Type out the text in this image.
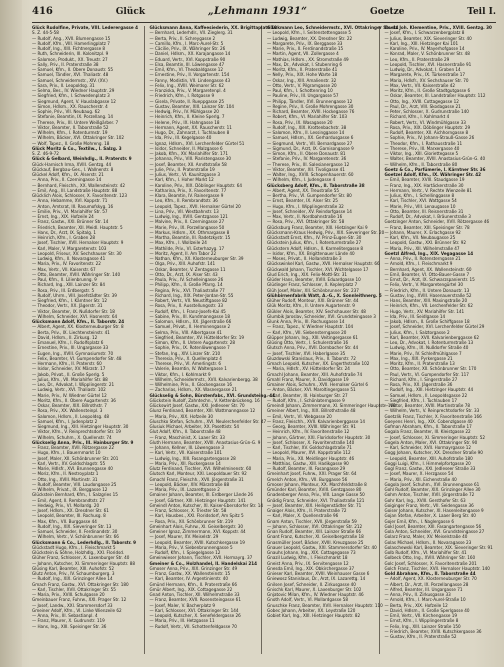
416	Glück	„Lehmann 1931“	Goetze	Teil I.

Glück Rudolfine, Private, VIII. Lederergasse 4

S. Z. 44-5-58

— Rudolf, Ang., XVII. Blumengasse 15

— Rudolf, Kfm., VIII. Hamerlingplatz 7

— Rudolf, Ing., XIII. Fichtnergasse 8

— Ruth, Schneiderin, III. Kolonitzpl. 9

— Salomon, Produkt., XX. Treustr. 27

— Sally, Priv., II. Praterstraße 38

— Samuel, Kfm., II. Obere Donaustr. 55

— Samuel, Tändler, XVI. Thaliastr. 48

— Samuel, Schneidermstr., XIV. (XV.)

— Sara, Priv., II. Leopoldsg. 31

— Selma, Bes., IV. Wiedner Hauptstr. 29

— Siegfried, Kfm., I. Schwedenplatz 3

— Siegmund, Agent, V. Hauslabgasse 12

— Simon, Hdlsm., XX. Rauscherstr. 4

— Sophie, Priv., VII. Neubaug. 62

— Stefanie, Beamtin, IX. Porzellang. 14

— Therese, Priv., III. Untere Weißgärber. 7

— Viktor, Beamter, II. Taborstraße 52

— Wilhelm, Kfm., I. Rotenturmstr. 19

— Wilhelm, Bäcker, XVI. Ottakringer Str. 102

— Wolf, Tapez., II. Große Mohreng. 18

Glück Moritz & Co., Textilw., I. Salzg. 3

S. Z. 46-9-72

Glück & Gelbard, Weinhdlg., II. Praterstr. 9

Glück-Harnisch Irma, XVIII. Gentzg. 44

Glückauf, Bergbau-Ges., I. Wallnerstr. 8

Glückel Adolf, Kfm., IX. Alserstr. 21

— Anna, Priv., II. Czerningasse 14

— Bernhard, Fleischh., XX. Wallensteinstr. 42

— Emil, Ang., III. Landstraße Hauptstr. 88

Glücklich Alois, Schlosser, X. Favoritenstr. 123

— Anna, Hebamme, XVI. Koppstr. 71

— Anton, Amtsrat, III. Rasumofskyg. 16

— Emilie, Priv., VI. Mariahilfer Str. 57

— Ernst, Ing., XIX. Hofzeile 24

— Franz, Gastw., XXI. Brünner Str. 14

— Friedrich, Beamter, XII. Meidl. Hauptstr. 5

— Hans, Dr., Arzt, IX. Spitalg. 1

— Heinrich, Kfm., I. Graben 28

— Josef, Tischler, XVII. Hernalser Hauptstr. 9

— Karl, Maler, V. Margaretenstr. 103

— Leopold, Friseur, XV. Sechshauser Str. 30

— Ludwig, Kfm., II. Novaragasse 41

— Maria, Priv., IV. Favoritenstr. 22

— Max, Vertr., VII. Kaiserstr. 67

— Otto, Beamter, XVIII. Währinger Str. 140

— Paul, Kfm., II. Lilienbrunng. 9

— Richard, Ing., XIII. Lainzer Str. 84

— Rosa, Priv., III. Erdbergstr. 5

— Rudolf, Uhrm., VIII. Josefstädter Str. 39

— Siegfried, Kfm., I. Kärntner Str. 12

— Theodor, Vertr., XX. Jägerstr. 31

— Viktor, Beamter, IX. Nußdorfer Str. 18

— Wilhelm, Schneider, XVI. Hasnerstr. 64

Glücksmann Adolf, Kfm., II. Taborstr. 24

— Albert, Agent, XX. Klosterneuburger Str. 8

— Berta, Priv., IX. Liechtensteinstr. 41

— David, Hdlsm., II. Zirkusg. 12

— Emanuel, Kfm., I. Rudolfsplatz 6

— Ernestine, Priv., III. Ungargasse 33

— Eugen, Ing., XVIII. Gymnasiumstr. 70

— Felix, Beamter, VI. Gumpendorfer Str. 48

— Hermann, Kfm., II. Praterstr. 60

— Isidor, Schneider, XV. Märzstr. 17

— Jakob, Privat., II. Große Sperlg. 5

— Julius, Kfm., VII. Mariahilfer Str. 88

— Leo, Dr., Advokat, I. Wipplingerstr. 21

— Ludwig, Vertr., XVI. Thaliastr. 102

— Marie, Priv., IV. Wiedner Gürtel 12

— Moritz, Kfm., II. Obere Augartenstr. 36

— Oskar, Beamter, XIX. Billrothstr. 7

— Rosa, Priv., XX. Wallensteinpl. 3

— Salomon, Hdlsm., II. Leopoldsg. 48

— Samuel, Kfm., I. Judenplatz 2

— Siegmund, Ing., XIII. Hietzinger Hauptstr. 30

— Viktor, Kfm., V. Reinprechtsdorfer Str. 19

— Wilhelm, Schuhm., X. Quellenstr. 74

Glückselig Anna, Priv., III. Hainburger Str. 9

— Franz, Beamter, XVII. Rötzergasse 22

— Hugo, Kfm., I. Bauernmarkt 10

— Josef, Maler, XII. Schönbrunner Str. 201

— Karl, Vertr., XV. Goldschlagstr. 55

— Marie, Hdlsfr., XVI. Brunnengasse 40

— Moriz, Kfm., II. Nestroyplatz 1

— Otto, Ing., XVIII. Martinstr. 31

— Rudolf, Beamter, VIII. Laudongasse 25

— Wilhelm, Privat., IX. Berggasse 12

Glückstein Bernhard, Kfm., I. Salzgries 15

— Emil, Agent, II. Rembrandtstr. 27

— Hedwig, Priv., VI. Mollardg. 20

— Josef, Hdlsm., XX. Dresdner Str. 61

— Leopold, Beamter, III. Rochusg. 8

— Max, Kfm., VII. Burggasse 44

— Rudolf, Ing., XIX. Sieveringer Str. 13

— Samuel, Schneider, II. Ferdinandstr. 30

— Wilhelm, Vertr., V. Schönbrunner Str. 66

Glücksmann & Co., Lederhdlg., II. Taborstr. 9

Glückstadt Hugo, Kfm., I. Fleischmarkt 5

Glückstein & Söhne, Holzhdlg., XXI. Floridsd.

Glüher Franz, Schlosser, X. Laxenburger Str. 40

— Johann, Kutscher, XI. Simmeringer Hauptstr. 88

Glüsing Karl, Beamter, XIII. Auhofstr. 52

Glutz Anton, Priv., IV. Schaumburgerg. 3

— Rudolf, Ing., XIX. Grinzinger Allee 14

Gmach Franz, Gastw., XVI. Ottakringer Str. 180

— Karl, Tischler, XVII. Ottakringer Str. 55

— Maria, Priv., XVIII. Schulgasse 20

Gmeinbauer Franz, Fuhrw., XXI. Prager Str. 12

— Josef, Landw., XXI. Stammersdorf 33

Gmeiner Adolf, Kfm., VI. Linke Wienzeile 62

— Anna, Priv., III. Sebastianpl. 4

— Franz, Maurer, X. Gudrunstr. 119

— Hans, Ing., XIII. Speisinger Str. 36

Glücksmann Anna, Kaffeesiederin, XX. Brigittaplatz 10

— Bernhard, Lederhdlr., VII. Zieglerg. 31

— Berta, Priv., II. Schreygasse 2

— Camillo, Kfm., I. Marc-Aurel-Str. 5

— Cäcilie, Priv., IX. Währinger Str. 26

— Daniel, Hdlsm., XX. Karajangasse 14

— Eduard, Vertr., XVI. Koppstraße 90

— Elsa, Beamtin, III. Löwengasse 47

— Emil, Kfm., VI. Theobaldgasse 12

— Ernestine, Priv., II. Vorgartenstr. 154

— Fanny, Modistin, VII. Lindengasse 43

— Felix, Ing., XVIII. Weimarer Str. 62

— Franziska, Priv., V. Margaretenpl. 4

— Friedrich, Kfm., I. Rotgasse 9

— Gisela, Private, II. Rueppgasse 25

— Gustav, Beamter, XIII. Lainzer Str. 104

— Hedwig, Priv., IV. Mühlgasse 20

— Heinrich, Kfm., II. Kleine Sperlg. 7

— Helene, Priv., IX. Hahngasse 18

— Hermann, Agent, XX. Rauscherstr. 11

— Hugo, Dr., Zahnarzt, I. Tuchlauben 8

— Ida, Priv., III. Kegelgasse 40

— Ignaz, Hdlsm., XVI. Lerchenfelder Gürtel 51

— Isidor, Schneider, II. Malzgasse 6

— Jakob, Kfm., XV. Mariahilfer Str. 171

— Johanna, Priv., VIII. Piaristengasse 30

— Josef, Beamter, XII. Arndtstraße 58

— Julie, Priv., II. Praterstraße 19

— Julius, Vertr., VI. Kaunitzgasse 3

— Karl, Kfm., I. Hoher Markt 12

— Karoline, Priv., XIX. Döblinger Hauptstr. 64

— Katharina, Priv., X. Favoritenstr. 77

— Klara, Beamtin, IV. Rainergasse 9

— Leo, Kfm., II. Rembrandtstr. 36

— Leopold, Tapez., XVII. Hernalser Gürtel 20

— Lina, Priv., VII. Westbahnstr. 13

— Ludwig, Ing., XVIII. Gentzgasse 121

— Malvine, Priv., II. Czerningasse 27

— Marie, Priv., IX. Porzellangasse 50

— Markus, Hdlsm., XX. Othmargasse 8

— Martha, Beamtin, III. Radetzkystr. 15

— Max, Kfm., I. Wollzeile 24

— Mathilde, Priv., VI. Esterhazyg. 17

— Moritz, Agent, II. Am Tabor 22

— Nathan, Kfm., XX. Klosterneuburger Str. 39

— Olga, Priv., XIII. Auhofstr. 141

— Oskar, Beamter, V. Zentagasse 11

— Otto, Dr., Arzt, IX. Alser Str. 43

— Paula, Priv., IV. Schelleingasse 26

— Philipp, Kfm., II. Große Pfarrg. 14

— Regina, Priv., XVI. Thaliastraße 77

— Richard, Ing., XIX. Peter-Jordan-Str. 55

— Robert, Vertr., VII. Neustiftgasse 82

— Rosa, Priv., II. Ausstellungsstr. 33

— Rudolf, Kfm., I. Franz-Josefs-Kai 45

— Sabine, Priv., III. Kundmanngasse 18

— Salomon, Hdlsm., XX. Jägerstraße 66

— Samuel, Privat., II. Herminengasse 2

— Selma, Priv., VIII. Albertgasse 41

— Siegfried, Beamter, XV. Hütteldorfer Str. 19

— Simon, Kfm., II. Untere Augartenstr. 28

— Sophie, Priv., IX. Rotenlöwengasse 7

— Stefan, Ing., XIV. Linzer Str. 210

— Theresia, Priv., X. Quellenplatz 4

— Therese, Priv., VI. Amerlingstr. 6

— Valerie, Beamtin, IV. Waltergasse 1

— Viktor, Kfm., I. Kohlmarkt 9

— Wilhelm, Schneidermstr., XVII. Kalvarienbergg. 38

— Wilhelmine, Priv., II. Glockengasse 16

— Zacharias, Hdlsm., XX. Wasnergasse 21

Glückselig & Sohn, Bürstenfabr., XVI. Grundsteing. 44

Glückstein Rudolf, Zahntechn., V. Kettenbrückeng. 16

Glückswirt Josef, Gastw., XXI. Jedleseer Str. 70

Glunz Ferdinand, Beamter, XIII. Wattmanngasse 12

— Maria, Priv., XIX. Hofzeile 30

Gluschko Stefan, Schuhm., XVI. Neulerchenfelder Str. 47

Glusiuk Michael, Arbeiter, XX. Pasettistr. 54

Glut Adolf, Kfm., II. Taborstraße 48

— Franz, Maschinist, X. Laaer Str. 33

Gluth Hermann, Beamter, XVIII. Anastasius-Grün-G. 9

— Johann, Kellner, III. Löwengasse 3

— Karl, Vertr., VII. Kaiserstraße 101

— Ludwig, Ing., XIII. Fasangartengasse 28

— Maria, Priv., XII. Ruckergasse 14

Glutz Ferdinand, Tischler, XVI. Wilhelminenstr. 60

Glutsch Karl, Monteur, XXI. Leopoldauer Str. 92

Gmachl Franz, Fleischh., XVII. Jörgerstraße 31

— Leopold, Bäcker, XIV. Märzstraße 88

— Maria, Priv., IX. Lazarettgasse 2

Gmainer Johann, Beamter, III. Erdberger Lände 26

— Josef, Gärtner, XIII. Hietzinger Hauptstr. 141

Gmeindl Anton, Kutscher, XI. Kaiser-Ebersdorfer Str. 14

— Franz, Schlosser, X. Triester Str. 58

— Karl, Hausbes., XXI. Floridsdorf, Am Spitz 5

— Rosa, Priv., XII. Schönbrunner Str. 219

Gmeinhart Alois, Fuhrw., XI. Geiselbergstr. 30

Gmeiner Ignaz, Zimmermann, XVI. Koppstr. 44

— Josef, Maurer, XV. Meiselstr. 29

— Leopold, Beamter, XVIII. Kutschkergasse 19

— Maria, Priv., V. Siebenbrunnengasse 5

— Rudolf, Kfm., I. Spiegelgasse 12

Gmeinwieser Johann, Tischler, XVII. Hormayrg. 37

Gmeiner & Co., Holzhandel, II. Handelskai 214

Gmoser Anna, Priv., XIX. Grinzinger Str. 49

— Franz, Gastw., XX. Wallensteinstr. 15

— Karl, Beamter, IV. Argentinierstr. 40

Gmünd Hermann, Kfm., II. Praterstraße 66

Gmür Albert, Ing., XIX. Cottagegasse 22

Gnad Anton, Tischler, XII. Wilhelmstraße 33

— Franz, Beamter, XVII. Rosensteingasse 61

— Josef, Maler, V. Bacherplatz 9

— Karl, Schlosser, XVI. Ottakringer Str. 144

— Leopold, Kutscher, X. Senefeldergasse 26

— Maria, Priv., III. Hetzgasse 11

— Rudolf, Vertr., VII. Schottenfeldgasse 70

Glückmann Leo, Schneidermstr., XVI. Ottakringer Str. 44

— Leopold, Kfm., I. Seitenstettengasse 5

— Ludwig, Beamter, XX. Dresdner Str. 22

— Margarete, Priv., IX. Berggasse 33

— Marie, Priv., II. Ferdinandstraße 15

— Martin, Agent, VII. Zollergasse 4

— Mathias, Hdlsm., XX. Stromstraße 49

— Max, Dr., Advokat, I. Stubenring 6

— Moritz, Kfm., II. Praterstraße 41

— Nelly, Priv., XIX. Hohe Warte 18

— Oskar, Ing., XIII. Amalienstr. 32

— Otto, Vertr., V. Pilgramgasse 20

— Paul, Kfm., I. Schottenring 10

— Pauline, Priv., III. Ungargasse 57

— Philipp, Tändler, XVI. Brunnengasse 12

— Regine, Priv., II. Große Mohrengasse 30

— Richard, Beamter, XVIII. Hockegasse 76

— Robert, Kfm., VI. Mariahilfer Str. 103

— Rosa, Priv., IX. Wasagasse 20

— Rudolf, Ing., XIX. Krottenbachstr. 38

— Salomon, Kfm., II. Lessinggasse 14

— Samuel, Hdlsm., XX. Gerhardusgasse 6

— Siegmund, Vertr., VII. Bernardgasse 27

— Sigmund, Dr., Arzt, IX. Garnisongasse 9

— Simon, Kfm., II. Obere Donaustr. 81

— Stefanie, Priv., IV. Margaretenstr. 36

— Therese, Priv., III. Salesianergasse 12

— Viktor, Beamter, XII. Tivoligasse 41

— Walter, Ing., XVIII. Schopenhauerstr. 60

— Wilhelm, Kfm., I. Judengasse 4

Glücksberg Adolf, Kfm., II. Taborstraße 38

— Albert, Agent, XX. Treustraße 55

— Bertha, Priv., VI. Gumpendorfer Str. 80

— Ernst, Beamter, IX. Alser Str. 25

— Hugo, Kfm., I. Wipplingerstraße 32

— Josef, Schneider, XV. Reindorfgasse 14

— Max, Vertr., II. Nordbahnstraße 16

— Rosa, Priv., XVI. Ottakringer Str. 58

Glücksburg Franz, Beamter, XIII. Hietzinger Kai 9

Glücksmann-Kraus Hedwig, Priv., XIX. Sieveringer Str. 20

Glückstadt Ernst, Kfm., IV. Prinz-Eugen-Str. 30

Glückstein Julius, Kfm., I. Rotenturmstraße 27

Glückstern Adolf, Hdlsm., II. Karmelitergasse 8

— Isidor, Kfm., XX. Brigittenauer Lände 40

— Moses, Privat., II. Hollandstraße 3

Glückswinkel Karl, Gastw., XVII. Hernalser Hauptstr. 66

Glückwald Johann, Tischler, XVI. Wichtelgasse 17

Glud Erich, Ing., XIX. Felix-Mottl-Str. 31

Glüder Hans, Beamter, XVIII. Eduardgasse 10

Glüdinger Franz, Schlosser, X. Keplerplatz 7

Glüh Josef, Maler, XII. Schönbrunner Str. 237

Glühbirnenfabrik Watt, A.-G., X. Sonnleithnerg. 5

Glüher Rudolf, Monteur, XXI. Brünner Str. 44

Glük Moritz, Kfm., II. Untere Augartenstr. 9

Glükler Alois, Beamter, XIV. Sechshauser Str. 48

Glumbik Jaroslav, Schneider, XVI. Grundsteingasse 3

Glunk Anna, Priv., III. Rochusgasse 14

— Franz, Tapez., V. Wiedner Hauptstr. 104

— Karl, Kfm., VII. Siebensterngasse 20

Glüpper Johann, Ing., XIII. Veitingergasse 61

Glüsing Otto, Vertr., I. Schulerstraße 16

Glutsch Anna, Priv., XVII. Dornbacher Str. 44

— Josef, Tischler, XVI. Haberlgasse 35

Gluzdowski Stanislaus, Priv., II. Taborstr. 72

Gmach Leopold, Kutscher, XX. Engerthstraße 102

— Maria, Hdlsfr., XV. Hütteldorfer Str. 24

Gmachl Johann, Beamter, XIII. Auhofstraße 74

Gmahl Franz, Maurer, X. Davidgasse 19

Gmainer Alois, Schuhm., XVII. Hernalser Gürtel 6

— Anton, Bäcker, XVI. Maroltingergasse 51

— Karl, Beamter, III. Hainburger Str. 27

— Rudolf, Kfm., I. Schönlaterngasse 9

Gmeindl Johann, Zimmermann, XI. Simmeringer Hauptstr. 160

Gmeiner Albert, Ing., XIX. Billrothstraße 48

— Emil, Vertr., VI. Webgasse 20

— Franz, Fleischh., XVII. Kalvarienberggasse 14

— Georg, Beamter, XVIII. Währinger Str. 91

— Heinrich, Kfm., IV. Favoritenstraße 12

— Johann, Gärtner, XXI. Floridsdorfer Hauptstr. 30

— Josef, Schlosser, X. Favoritenstraße 140

— Karl, Tischler, XV. Goldschlagstraße 71

— Leopold, Maurer, XVI. Koppstraße 112

— Maria, Priv., XII. Meidlinger Hauptstr. 46

— Matthias, Gastw., XIII. Hadikgasse 90

— Rudolf, Beamter, III. Fasangasse 29

Gmeinhart Josef, Fuhrw., XXI. Prager Str. 64

Gmelch Anton, Kfm., VII. Burggasse 56

Gmoser Johann, Monteur, XX. Marchfeldstraße 8

Gmünder Karl, Beamter, XVIII. Gentzgasse 80

Gnadenberger Anna, Priv., VIII. Lange Gasse 50

Gnädig Franz, Schneider, XVI. Thaliastraße 121

— Josef, Beamter, XIX. Heiligenstädter Str. 71

Gnaiger Alois, Kfm., II. Praterstraße 72

— Karl, Maler, X. Quellenstraße 96

Gnam Anton, Tischler, XVII. Jörgerstraße 59

— Johann, Schlosser, XVI. Ottakringer Str. 212

Gnan Rudolf, Beamter, XIII. Lainzer Straße 66

Gnant Franz, Kutscher, XI. Geiselbergstraße 18

Gnasmüller Josef, Bäcker, XVIII. Kreuzgasse 25

Gnauer Leopold, Gastw., XXI. Stammersdorfer Str. 40

Gnauhs Johann, Ing., XIX. Cottagegasse 73

Gnazil Ludwig, Kfm., I. Fleischmarkt 18

Gneist Anna, Priv., IX. Servitengasse 12

Gnesda Emil, Ing., XIX. Obkirchergasse 37

Gnieser Karl, Beamter, XVIII. Weinhauser Gasse 6

Gniewosz Stanislaus, Dr., Arzt, IX. Lazarettg. 14

Gnilsen Josef, Schneider, II. Zirkusgasse 40

Gnischk Karl, Maurer, X. Laxenburger Str. 102

Gnjatovic Milan, Kfm., IV. Wiedner Hauptstr. 46

Gnoth Adolf, Vertr., VI. Mollardgasse 58

Gnuschke Franz, Beamter, XVII. Hernalser Hauptstr. 110

Gobec Johann, Arbeiter, XX. Leystraße 120

Gobiet Karl, Ing., XIII. Hietzinger Hauptstr. 82

Goetz Joh. Klementine, Priv., XVIII. Gentzg. 30

— Josef, Kfm., I. Schwarzenbergplatz 8

— Julius, Beamter, XIX. Sieveringer Str. 40

— Karl, Ing., XIII. Hietzinger Kai 101

— Karoline, Priv., IV. Mayerhofgasse 14

— Konrad, Maler, V. Schönbrunner Str. 48

— Leo, Kfm., II. Praterstraße 29

— Leopold, Tischler, XVI. Hasnerstraße 91

— Ludwig, Dr., Advokat, I. Graben 14

— Margarete, Priv., IX. Türkenstraße 17

— Maria, Hdlsfr., XV. Sechshauser Str. 70

— Max, Vertr., VII. Kaiserstraße 42

— Moritz, Kfm., II. Große Stadtgutgasse 6

— Oskar, Beamter, III. Landstraßer Hauptstr. 112

— Otto, Ing., XVIII. Cottagegasse 12

— Paul, Dr., Arzt, VIII. Skodagasse 21

— Peter, Schlosser, X. Gudrunstraße 140

— Richard, Kfm., I. Kohlmarkt 4

— Robert, Vertr., VI. Windmühlgasse 33

— Rosa, Priv., XIX. Döblinger Hauptstr. 29

— Rudolf, Beamter, XII. Aichhorngasse 8

— Sophie, Priv., IV. Johann-Strauß-Gasse 26

— Theodor, Kfm., I. Rathausstraße 11

— Therese, Priv., III. Marxergasse 40

— Viktor, Ing., XIII. Gloriettegasse 5

— Walter, Beamter, XVIII. Anastasius-Grün-G. 40

— Wilhelm, Kfm., II. Taborstraße 80

Goetz & Co., Parfümerie, I. Kärntner Str. 36

Goetzel Adolf, Kfm., IX. Währinger Str. 42

— Emil, Beamter, XVIII. Staudgasse 19

— Franz, Ing., XIX. Hartäckerstraße 30

— Hermann, Vertr., V. Rechte Wienzeile 81

— Julius, Kfm., I. Schellinggasse 8

— Karl, Tischler, XVI. Wattgasse 54

— Marie, Priv., VIII. Lenaugasse 10

— Otto, Beamter, III. Reisnerstraße 31

— Rudolf, Dr., Advokat, I. Bräunerstraße 3

Goetzinger Anton, Schneider, XVII. Rötzergasse 46

— Franz, Beamter, XIII. Speisinger Str. 78

— Johann, Maurer, X. Erlachgasse 92

— Karl, Kfm., VII. Neubaugasse 25

— Leopold, Gastw., XXI. Brünner Str. 92

— Maria, Priv., XII. Wilhelmstraße 47

Goetzl Alfred, Ing., XIX. Vegagasse 14

— Anna, Priv., II. Rotensterngasse 21

— Arnold, Kfm., I. Fleischmarkt 9

— Bernhard, Agent, XX. Wallensteinstr. 60

— Emil, Beamter, VI. Otto-Bauer-Gasse 7

— Ernst, Dr., Arzt, IX. Schwarzspanierstr. 15

— Felix, Vertr., V. Margaretengürtel 30

— Friedrich, Kfm., II. Untere Donaustr. 13

— Gustav, Ing., XVIII. Hasenauerstraße 52

— Hans, Beamter, XIII. Maxingstraße 20

— Heinrich, Kfm., VII. Lerchenfelder Str. 62

— Hugo, Vertr., XV. Mariahilfer Str. 141

— Ida, Priv., III. Seidlgasse 14

— Jakob, Hdlsm., II. Große Schiffgasse 18

— Josef, Schneider, XVI. Lerchenfelder Gürtel 29

— Julius, Kfm., I. Salztorgasse 2

— Karl, Beamter, XVII. Kalvarienberggasse 62

— Leo, Dr., Advokat, I. Rotenturmstraße 13

— Ludwig, Kfm., IX. Nußdorfer Straße 40

— Marie, Priv., IV. Schleifmühlgasse 7

— Max, Ing., XIX. Pyrkergasse 21

— Moritz, Kfm., II. Praterstraße 13

— Otto, Beamter, XII. Schönbrunner Str. 170

— Paul, Vertr., VI. Gumpendorfer Str. 117

— Richard, Kfm., I. Singerstraße 27

— Rosa, Priv., XX. Jägerstraße 36

— Rudolf, Ing., XIII. Hietzinger Hauptstr. 44

— Samuel, Hdlsm., II. Leopoldsgasse 22

— Siegfried, Kfm., I. Tuchlauben 17

— Viktor, Beamter, XVIII. Martinstraße 78

— Wilhelm, Vertr., V. Reinprechtsdorfer Str. 33

Goetzlik Franz, Tischler, X. Favoritenstraße 166

Goeyens Henri, Ing., XIX. Cobenzlgasse 40

Gofman Abraham, Kfm., II. Taborstraße 17

Gogala Franz, Beamter, III. Kleistgasse 22

— Josef, Schlosser, XI. Simmeringer Hauptstr. 52

Gogela Anton, Maler, XVI. Ottakringer Str. 90

— Karl, Schneider, XVII. Hormayrgasse 12

Gogg Johann, Kutscher, XX. Dresdner Straße 90

— Leopold, Beamter, XIII. Auhofstraße 180

Goggi Luigi, Kfm., I. Himmelpfortgasse 20

Gogl Franz, Gastw., XXI. Jedleseer Straße 33

— Josef, Maurer, X. Herzgasse 54

— Maria, Priv., XII. Eichenstraße 40

Gogola Josef, Schuhm., XVI. Brunnengasse 61

Gohl Rudolf, Beamter, XIX. Grinzinger Allee 30

Gohm Anton, Tischler, XVII. Jörgerstraße 72

Gohr Karl, Ing., XVIII. Gersthofer Str. 63

Goiginger Franz, Vertr., VII. Seidengasse 36

Goiser Johann, Kutscher, XI. Hasenleitengasse 9

Gojan Stefan, Arbeiter, X. Laaer Berg Str. 40

Gojer Emil, Kfm., I. Naglergasse 6

Gokl Josef, Beamter, XIII. Fasangartengasse 56

Gola Anton, Schneider, XVI. Grundsteingasse 27

Golarz Franz, Maler, XV. Meiselstraße 40

Golas Michael, Hdlsm., II. Novaragasse 23

Golaschewski Karl, Beamter, XIX. Sieveringer Str. 91

Golb Rudolf, Kfm., VI. Mariahilfer Str. 41

Golbeck Otto, Ing., XVIII. Währinger Str. 160

Golc Josef, Schlosser, X. Favoritenstraße 201

Golch Franz, Tischler, XVII. Hernalser Hauptstr. 140

Gold Abraham, Kfm., II. Taborstraße 44

— Adolf, Agent, XX. Klosterneuburger Str. 70

— Albert, Dr., Arzt, IX. Porzellangasse 28

— Alfred, Beamter, III. Ungargasse 71

— Anna, Priv., II. Zirkusgasse 33

— Arnold, Kfm., I. Marc-Aurel-Straße 10

— Berta, Priv., XIX. Hofzeile 12

— David, Hdlsm., II. Große Sperlgasse 40

— Emil, Vertr., VII. Kirchengasse 19

— Ernst, Kfm., I. Wipplingerstraße 8

— Felix, Ing., XIII. Lainzer Straße 150

— Friedrich, Beamter, XVIII. Kutschkergasse 36

— Gustav, Kfm., II. Praterstraße 52
